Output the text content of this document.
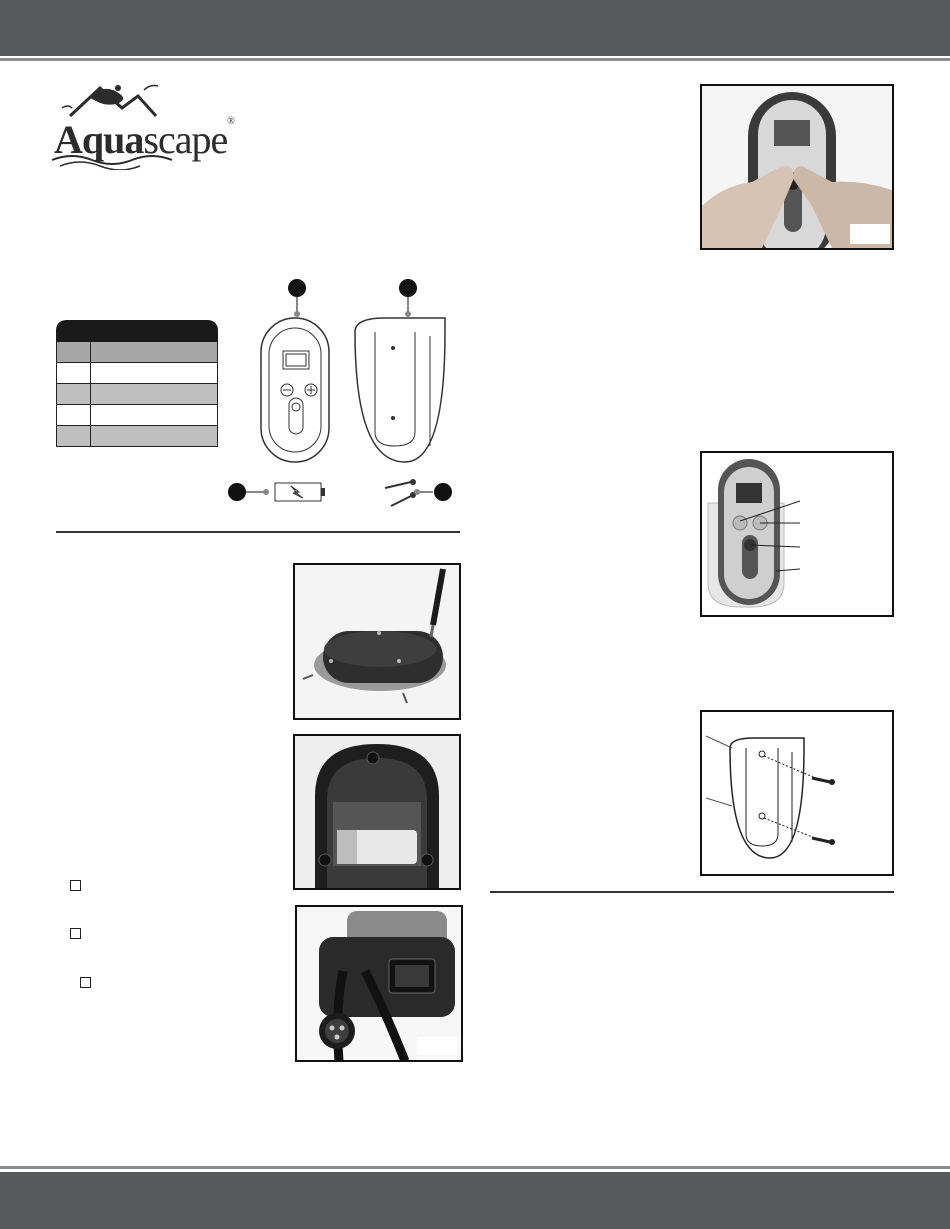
Aquascape®
